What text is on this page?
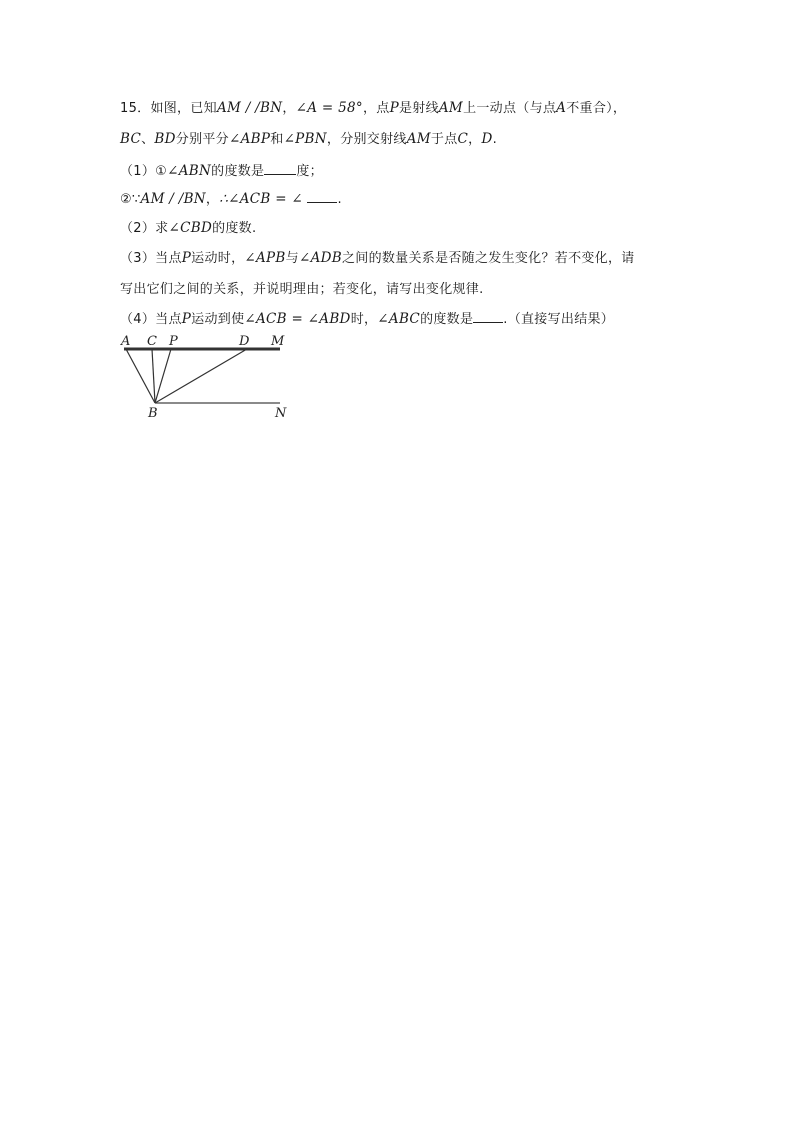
15．如图，已知AM / /BN，∠A = 58°，点P是射线AM上一动点（与点A不重合），
BC、BD分别平分∠ABP和∠PBN，分别交射线AM于点C，D.
（1）①∠ABN的度数是 度；
②∵AM / /BN，∴∠ACB = ∠	.
（2）求∠CBD的度数.
（3）当点P运动时，∠APB与∠ADB之间的数量关系是否随之发生变化？若不变化，请
写出它们之间的关系，并说明理由；若变化，请写出变化规律.
（4）当点P运动到使∠ACB = ∠ABD时，∠ABC的度数是 .（直接写出结果）
A C P	D M
B	N
